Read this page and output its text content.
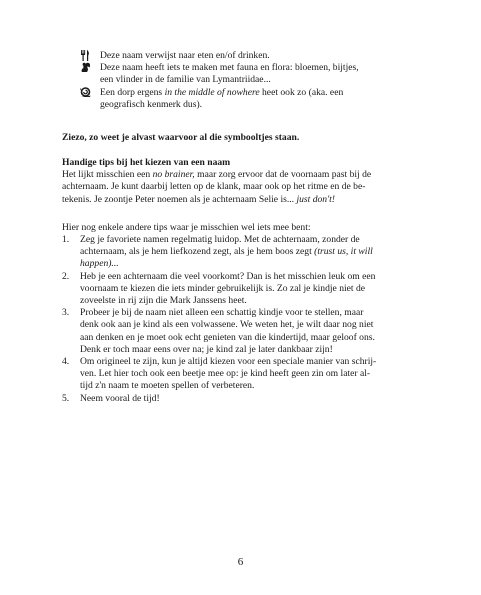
Deze naam verwijst naar eten en/of drinken.
Deze naam heeft iets te maken met fauna en flora: bloemen, bijtjes,
een vlinder in de familie van Lymantriidae...
Een dorp ergens in the middle of nowhere heet ook zo (aka. een
geografisch kenmerk dus).
Ziezo, zo weet je alvast waarvoor al die symbooltjes staan.
Handige tips bij het kiezen van een naam
Het lijkt misschien een no brainer, maar zorg ervoor dat de voornaam past bij de
achternaam. Je kunt daarbij letten op de klank, maar ook op het ritme en de be-
tekenis. Je zoontje Peter noemen als je achternaam Selie is... just don't!
Hier nog enkele andere tips waar je misschien wel iets mee bent:
1. Zeg je favoriete namen regelmatig luidop. Met de achternaam, zonder de
achternaam, als je hem liefkozend zegt, als je hem boos zegt (trust us, it will
happen)...
2. Heb je een achternaam die veel voorkomt? Dan is het misschien leuk om een
voornaam te kiezen die iets minder gebruikelijk is. Zo zal je kindje niet de
zoveelste in rij zijn die Mark Janssens heet.
3. Probeer je bij de naam niet alleen een schattig kindje voor te stellen, maar
denk ook aan je kind als een volwassene. We weten het, je wilt daar nog niet
aan denken en je moet ook echt genieten van die kindertijd, maar geloof ons.
Denk er toch maar eens over na; je kind zal je later dankbaar zijn!
4. Om origineel te zijn, kun je altijd kiezen voor een speciale manier van schrij-
ven. Let hier toch ook een beetje mee op: je kind heeft geen zin om later al-
tijd z'n naam te moeten spellen of verbeteren.
5. Neem vooral de tijd!
6
